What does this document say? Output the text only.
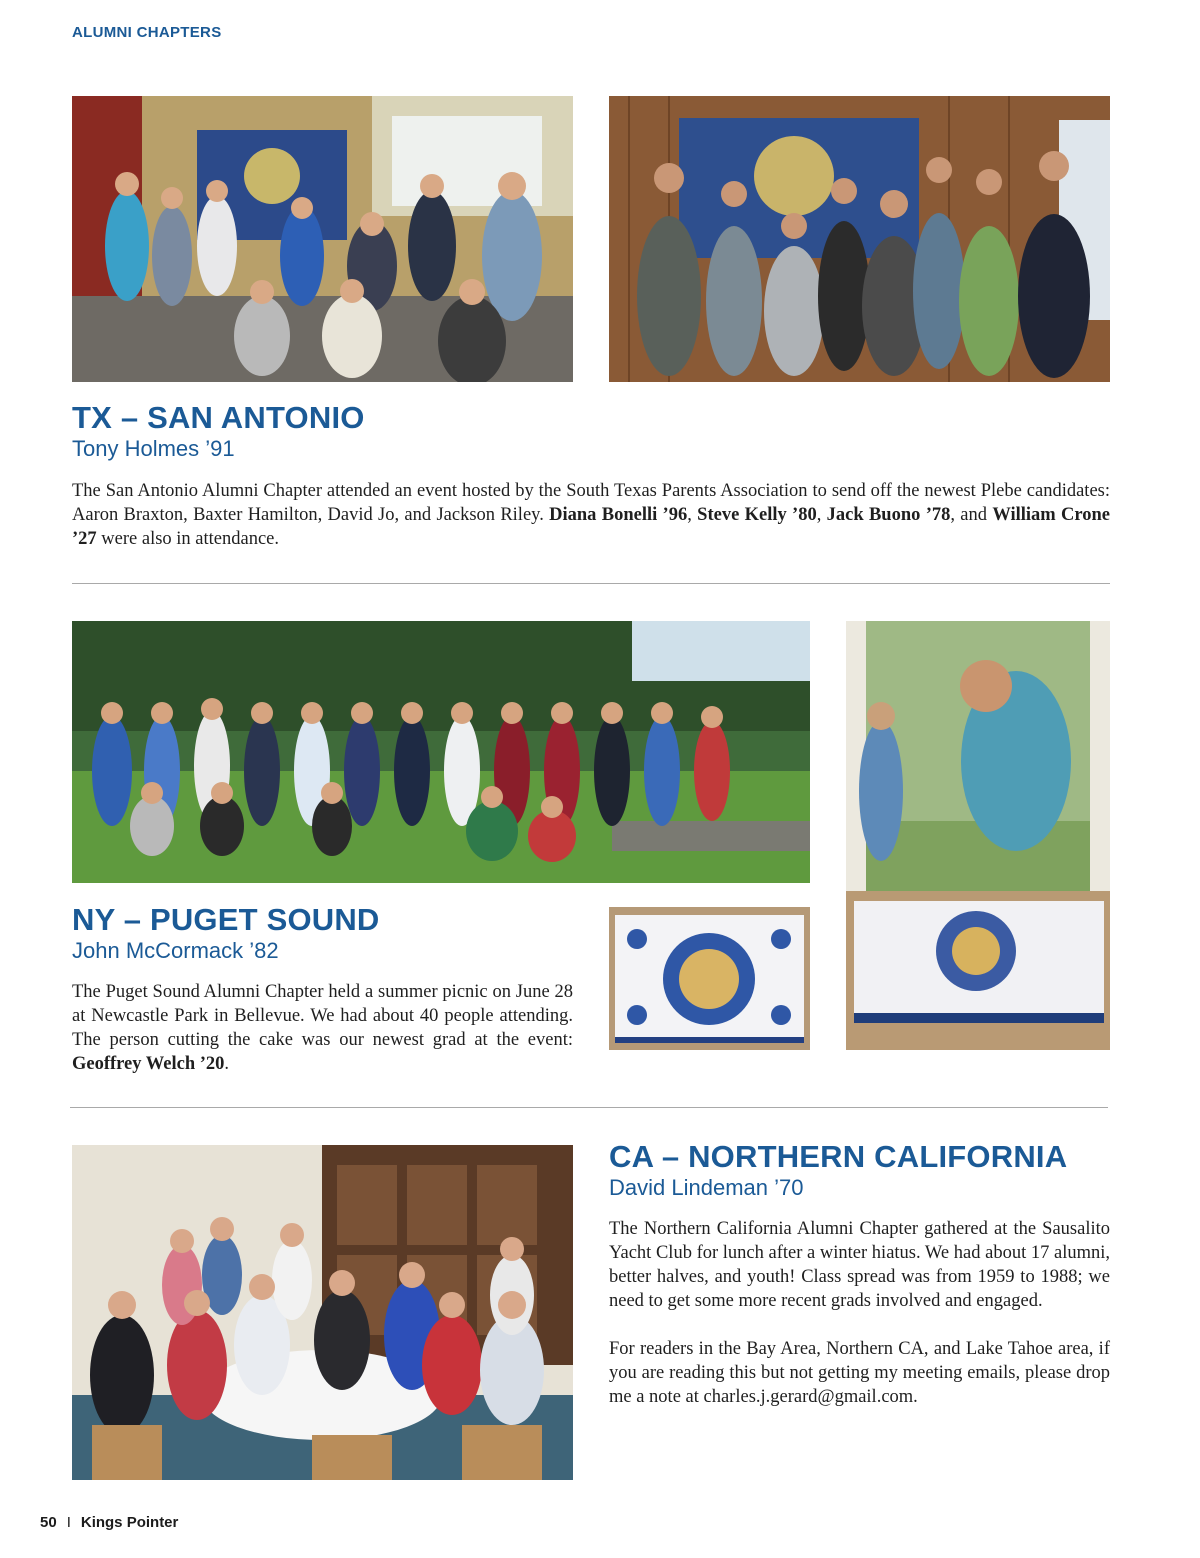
ALUMNI CHAPTERS
TX – SAN ANTONIO
Tony Holmes ’91

The San Antonio Alumni Chapter attended an event hosted by the South Texas Parents Association to send off the newest Plebe candidates: Aaron Braxton, Baxter Hamilton, David Jo, and Jackson Riley. Diana Bonelli ’96, Steve Kelly ’80, Jack Buono ’78, and William Crone ’27 were also in attendance.

NY – PUGET SOUND
John McCormack ’82

The Puget Sound Alumni Chapter held a summer picnic on June 28 at Newcastle Park in Bellevue. We had about 40 people attending. The person cutting the cake was our newest grad at the event: Geoffrey Welch ’20.

CA – NORTHERN CALIFORNIA
David Lindeman ’70

The Northern California Alumni Chapter gathered at the Sausalito Yacht Club for lunch after a winter hiatus. We had about 17 alumni, better halves, and youth! Class spread was from 1959 to 1988; we need to get some more recent grads involved and engaged.

For readers in the Bay Area, Northern CA, and Lake Tahoe area, if you are reading this but not getting my meeting emails, please drop me a note at charles.j.gerard@gmail.com.

50 I Kings Pointer
